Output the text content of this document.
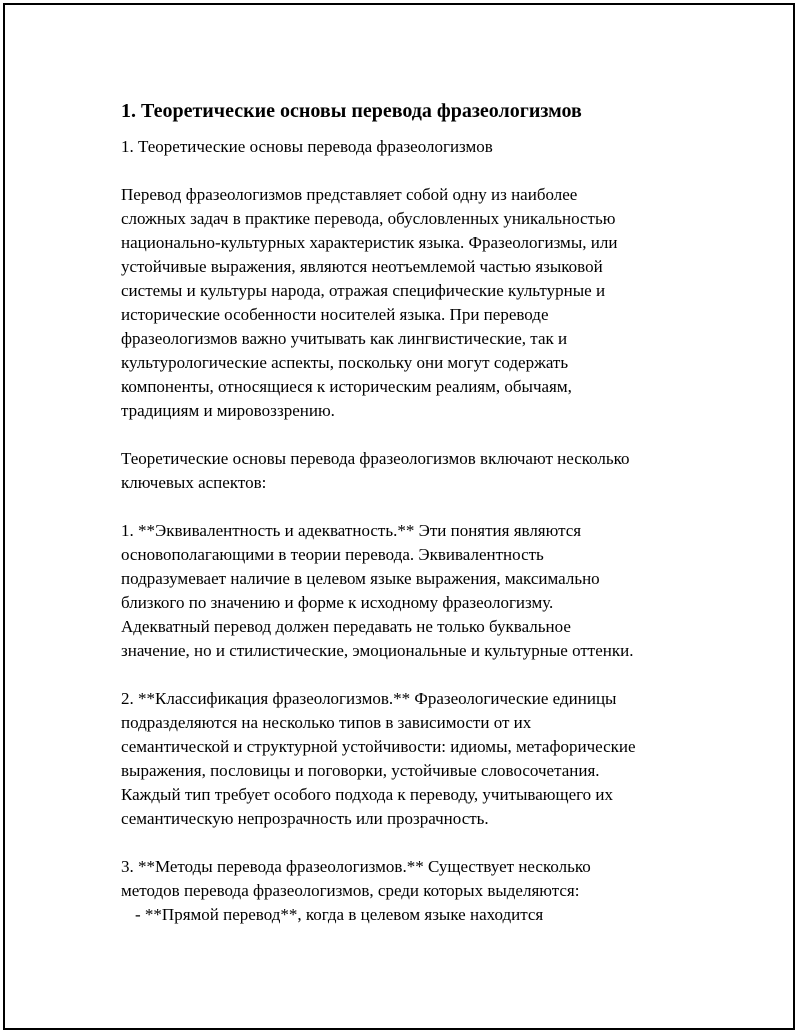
1. Теоретические основы перевода фразеологизмов
1. Теоретические основы перевода фразеологизмов
Перевод фразеологизмов представляет собой одну из наиболее
сложных задач в практике перевода, обусловленных уникальностью
национально-культурных характеристик языка. Фразеологизмы, или
устойчивые выражения, являются неотъемлемой частью языковой
системы и культуры народа, отражая специфические культурные и
исторические особенности носителей языка. При переводе
фразеологизмов важно учитывать как лингвистические, так и
культурологические аспекты, поскольку они могут содержать
компоненты, относящиеся к историческим реалиям, обычаям,
традициям и мировоззрению.
Теоретические основы перевода фразеологизмов включают несколько
ключевых аспектов:
1. **Эквивалентность и адекватность.** Эти понятия являются
основополагающими в теории перевода. Эквивалентность
подразумевает наличие в целевом языке выражения, максимально
близкого по значению и форме к исходному фразеологизму.
Адекватный перевод должен передавать не только буквальное
значение, но и стилистические, эмоциональные и культурные оттенки.
2. **Классификация фразеологизмов.** Фразеологические единицы
подразделяются на несколько типов в зависимости от их
семантической и структурной устойчивости: идиомы, метафорические
выражения, пословицы и поговорки, устойчивые словосочетания.
Каждый тип требует особого подхода к переводу, учитывающего их
семантическую непрозрачность или прозрачность.
3. **Методы перевода фразеологизмов.** Существует несколько
методов перевода фразеологизмов, среди которых выделяются:
- **Прямой перевод**, когда в целевом языке находится
